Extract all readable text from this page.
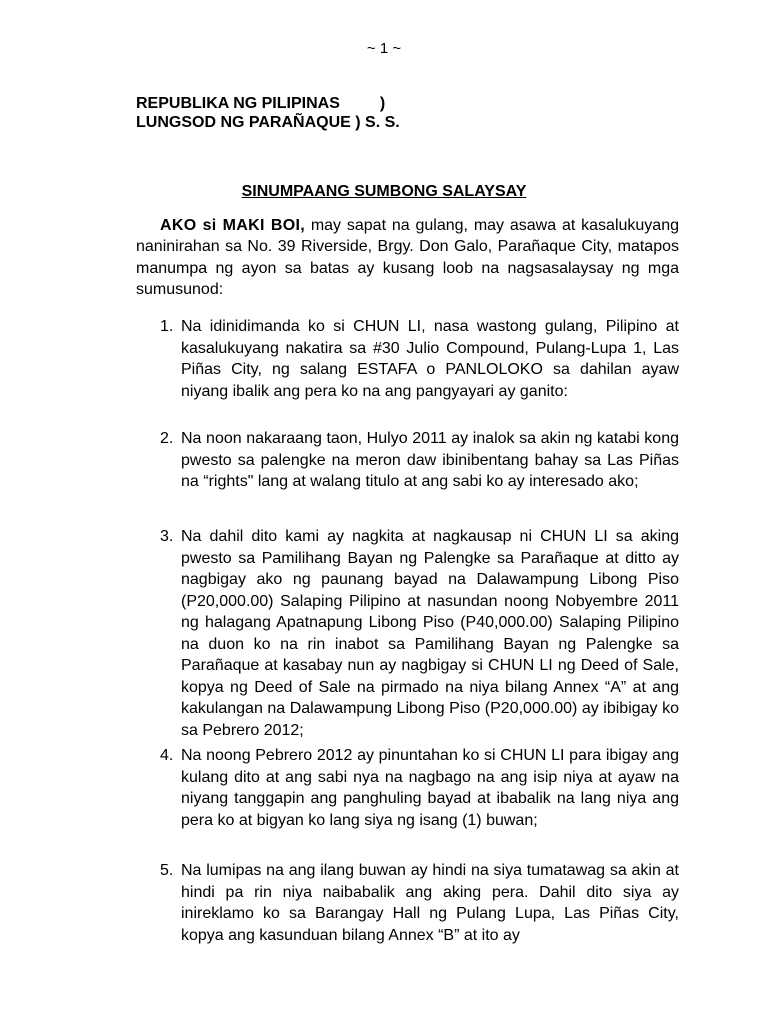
~ 1 ~
REPUBLIKA NG PILIPINAS         )
LUNGSOD NG PARAÑAQUE ) S. S.
SINUMPAANG SUMBONG SALAYSAY

AKO si MAKI BOI, may sapat na gulang, may asawa at kasalukuyang naninirahan sa No. 39 Riverside, Brgy. Don Galo, Parañaque City, matapos manumpa ng ayon sa batas ay kusang loob na nagsasalaysay ng mga sumusunod:

1. Na idinidimanda ko si CHUN LI, nasa wastong gulang, Pilipino at kasalukuyang nakatira sa #30 Julio Compound, Pulang-Lupa 1, Las Piñas City, ng salang ESTAFA o PANLOLOKO sa dahilan ayaw niyang ibalik ang pera ko na ang pangyayari ay ganito:

2. Na noon nakaraang taon, Hulyo 2011 ay inalok sa akin ng katabi kong pwesto sa palengke na meron daw ibinibentang bahay sa Las Piñas na “rights" lang at walang titulo at ang sabi ko ay interesado ako;

3. Na dahil dito kami ay nagkita at nagkausap ni CHUN LI sa aking pwesto sa Pamilihang Bayan ng Palengke sa Parañaque at ditto ay nagbigay ako ng paunang bayad na Dalawampung Libong Piso (P20,000.00) Salaping Pilipino at nasundan noong Nobyembre 2011 ng halagang Apatnapung Libong Piso (P40,000.00) Salaping Pilipino na duon ko na rin inabot sa Pamilihang Bayan ng Palengke sa Parañaque at kasabay nun ay nagbigay si CHUN LI ng Deed of Sale, kopya ng Deed of Sale na pirmado na niya bilang Annex “A” at ang kakulangan na Dalawampung Libong Piso (P20,000.00) ay ibibigay ko sa Pebrero 2012;

4. Na noong Pebrero 2012 ay pinuntahan ko si CHUN LI para ibigay ang kulang dito at ang sabi nya na nagbago na ang isip niya at ayaw na niyang tanggapin ang panghuling bayad at ibabalik na lang niya ang pera ko at bigyan ko lang siya ng isang (1) buwan;

5. Na lumipas na ang ilang buwan ay hindi na siya tumatawag sa akin at hindi pa rin niya naibabalik ang aking pera. Dahil dito siya ay inireklamo ko sa Barangay Hall ng Pulang Lupa, Las Piñas City, kopya ang kasunduan bilang Annex “B” at ito ay
